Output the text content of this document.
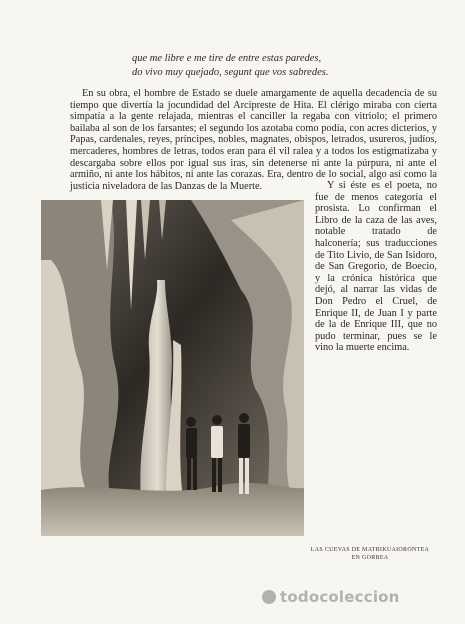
que me libre e me tire de entre estas paredes,
do vivo muy quejado, segunt que vos sabredes.
En su obra, el hombre de Estado se duele amargamente de aquella decadencia de su tiempo que divertía la jocundidad del Arcipreste de Hita. El clérigo miraba con cierta simpatía a la gente relajada, mientras el canciller la regaba con vitriolo; el primero bailaba al son de los farsantes; el segundo los azotaba como podía, con acres dicterios, y Papas, cardenales, reyes, príncipes, nobles, magnates, obispos, letrados, usureros, judíos, mercaderes, hombres de letras, todos eran para él vil ralea y a todos los estigmatizaba y descargaba sobre ellos por igual sus iras, sin detenerse ni ante la púrpura, ni ante el armiño, ni ante los hábitos, ni ante las corazas. Era, dentro de lo social, algo así como la justicia niveladora de las Danzas de la Muerte.	Y si éste es el poeta, no fue de menos categoría el prosista. Lo confirman el Libro de la caza de las aves, notable tratado de halconería; sus traducciones de Tito Livio, de San Isidoro, de San Gregorio, de Boecio, y la crónica histórica que dejó, al narrar las vidas de Don Pedro el Cruel, de Enrique II, de Juan I y parte de la de Enrique III, que no pudo terminar, pues se le vino la muerte encima.
LAS CUEVAS DE MATRIKUAIORONTEA
EN GORBEA
todocoleccion
